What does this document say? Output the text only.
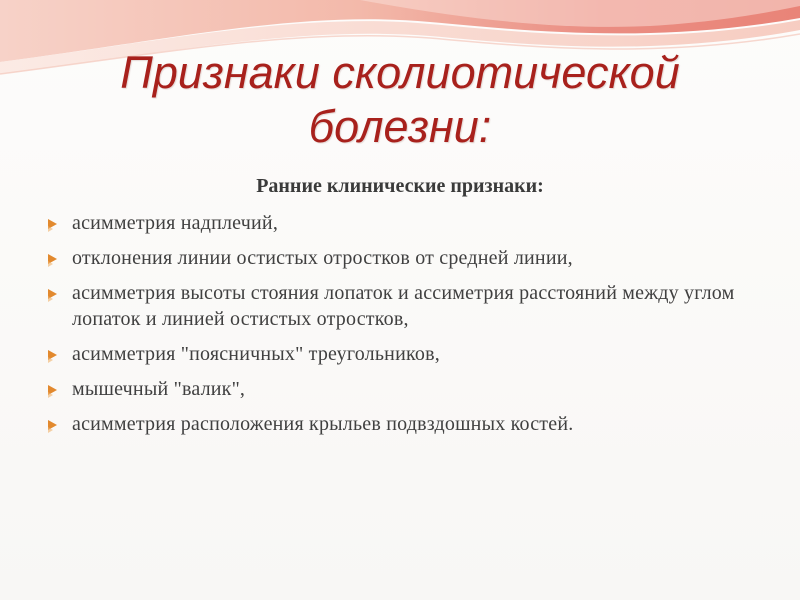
Признаки сколиотической
болезни:
Ранние клинические признаки:
асимметрия надплечий,
отклонения линии остистых отростков от средней линии,
асимметрия высоты стояния лопаток и ассиметрия расстояний между углом лопаток и линией остистых отростков,
асимметрия "поясничных" треугольников,
мышечный "валик",
асимметрия расположения крыльев подвздошных костей.
